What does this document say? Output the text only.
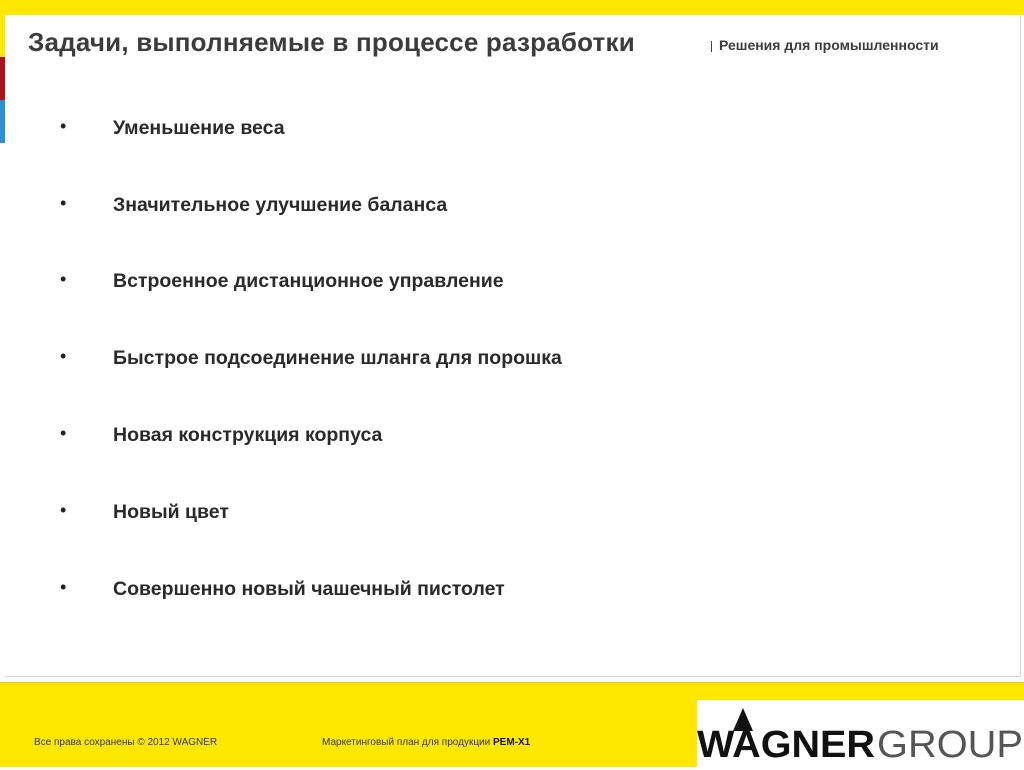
Задачи, выполняемые в процессе разработки	Решения для промышленности
• Уменьшение веса
• Значительное улучшение баланса
• Встроенное дистанционное управление
• Быстрое подсоединение шланга для порошка
• Новая конструкция корпуса
• Новый цвет
• Совершенно новый чашечный пистолет
Все права сохранены © 2012 WAGNER	Маркетинговый план для продукции PEM-X1	WAGNER GROUP
